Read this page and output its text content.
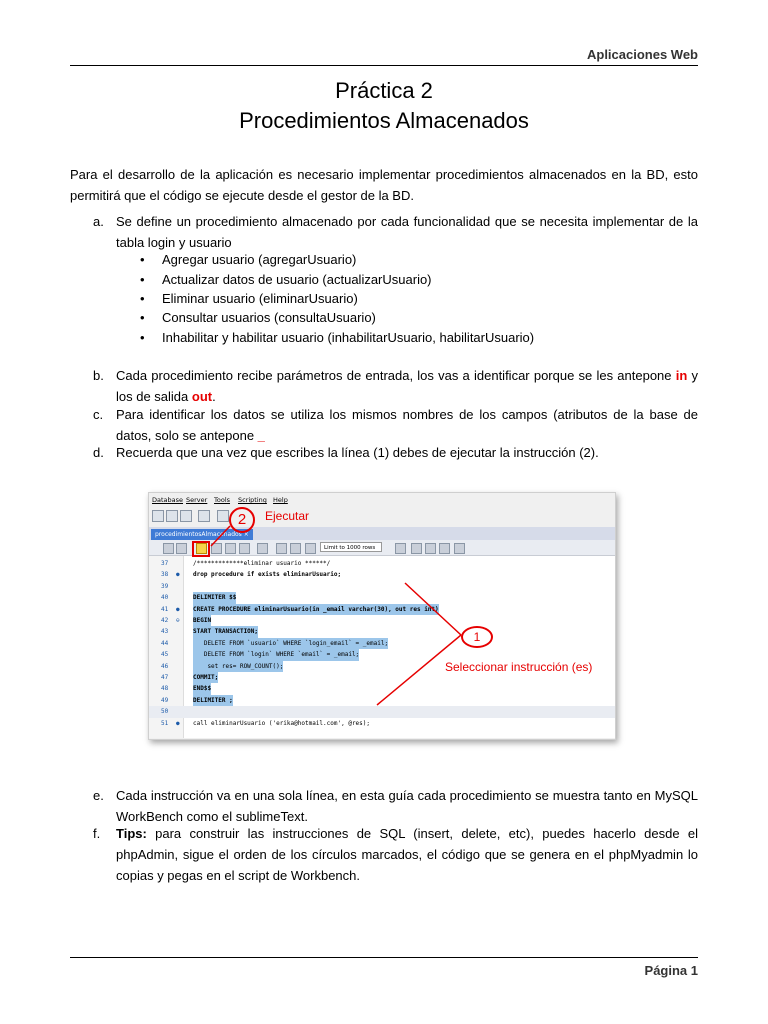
Aplicaciones Web
Práctica 2
Procedimientos Almacenados
Para el desarrollo de la aplicación es necesario implementar procedimientos almacenados en la BD, esto permitirá que el código se ejecute desde el gestor de la BD.
a. Se define un procedimiento almacenado por cada funcionalidad que se necesita implementar de la tabla login y usuario
• Agregar usuario (agregarUsuario)
• Actualizar datos de usuario (actualizarUsuario)
• Eliminar usuario (eliminarUsuario)
• Consultar usuarios (consultaUsuario)
• Inhabilitar y habilitar usuario (inhabilitarUsuario, habilitarUsuario)
b. Cada procedimiento recibe parámetros de entrada, los vas a identificar porque se les antepone in y los de salida out.
c. Para identificar los datos se utiliza los mismos nombres de los campos (atributos de la base de datos, solo se antepone _
d. Recuerda que una vez que escribes la línea (1) debes de ejecutar la instrucción (2).
Database Server Tools Scripting Help
procedimientosAlmacenados ×
Limit to 1000 rows
37	/*************eliminar usuario ******/
38 ● drop procedure if exists eliminarUsuario;
39
40	DELIMITER $$
41 ● CREATE PROCEDURE eliminarUsuario(in _email varchar(30), out res int)
42 ⊖ BEGIN
43	START TRANSACTION;
44	DELETE FROM `usuario` WHERE `login_email` = _email;
45	DELETE FROM `login` WHERE `email` = _email;
46	set res= ROW_COUNT();
47	COMMIT;
48	END$$
49	DELIMITER ;
50
51 ● call eliminarUsuario ('erika@hotmail.com', @res);
2	Ejecutar
1
Seleccionar instrucción (es)
e. Cada instrucción va en una sola línea, en esta guía cada procedimiento se muestra tanto en MySQL WorkBench como el sublimeText.
f. Tips: para construir las instrucciones de SQL (insert, delete, etc), puedes hacerlo desde el phpAdmin, sigue el orden de los círculos marcados, el código que se genera en el phpMyadmin lo copias y pegas en el script de Workbench.
Página 1
